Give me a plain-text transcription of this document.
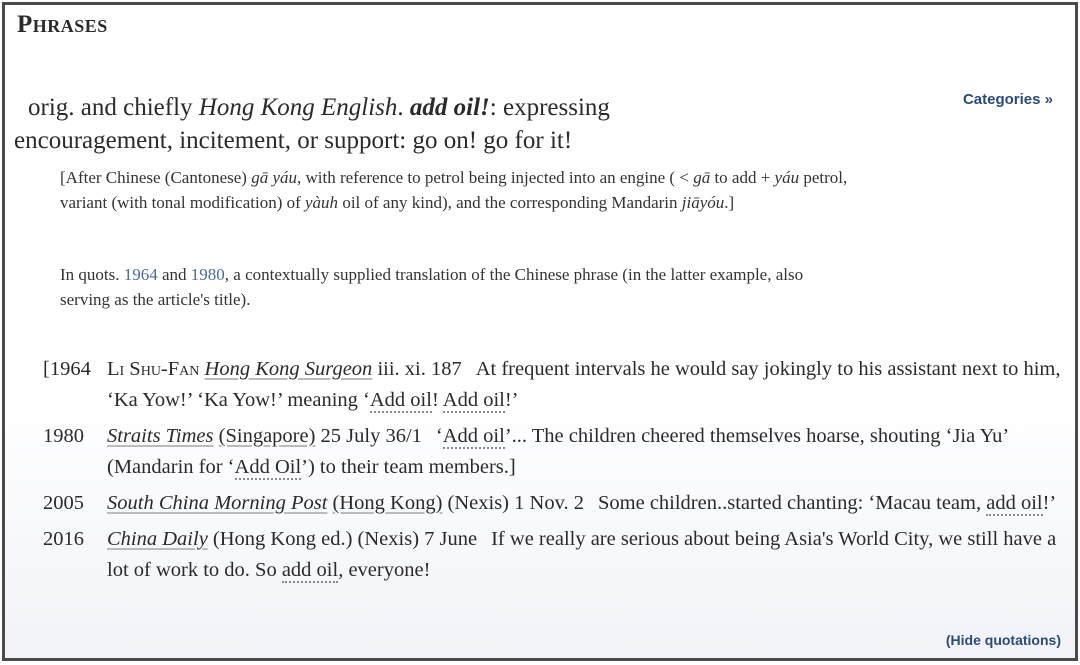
Phrases
Categories »

orig. and chiefly Hong Kong English. add oil!: expressing encouragement, incitement, or support: go on! go for it!

[After Chinese (Cantonese) gā yáu, with reference to petrol being injected into an engine ( < gā to add + yáu petrol, variant (with tonal modification) of yàuh oil of any kind), and the corresponding Mandarin jiāyóu.]

In quots. 1964 and 1980, a contextually supplied translation of the Chinese phrase (in the latter example, also serving as the article's title).

[1964 Li Shu-Fan Hong Kong Surgeon iii. xi. 187 At frequent intervals he would say jokingly to his assistant next to him, ‘Ka Yow!’ ‘Ka Yow!’ meaning ‘Add oil! Add oil!’
1980 Straits Times (Singapore) 25 July 36/1 ‘Add oil’... The children cheered themselves hoarse, shouting ‘Jia Yu’ (Mandarin for ‘Add Oil’) to their team members.]
2005 South China Morning Post (Hong Kong) (Nexis) 1 Nov. 2 Some children..started chanting: ‘Macau team, add oil!’
2016 China Daily (Hong Kong ed.) (Nexis) 7 June If we really are serious about being Asia's World City, we still have a lot of work to do. So add oil, everyone!
(Hide quotations)
